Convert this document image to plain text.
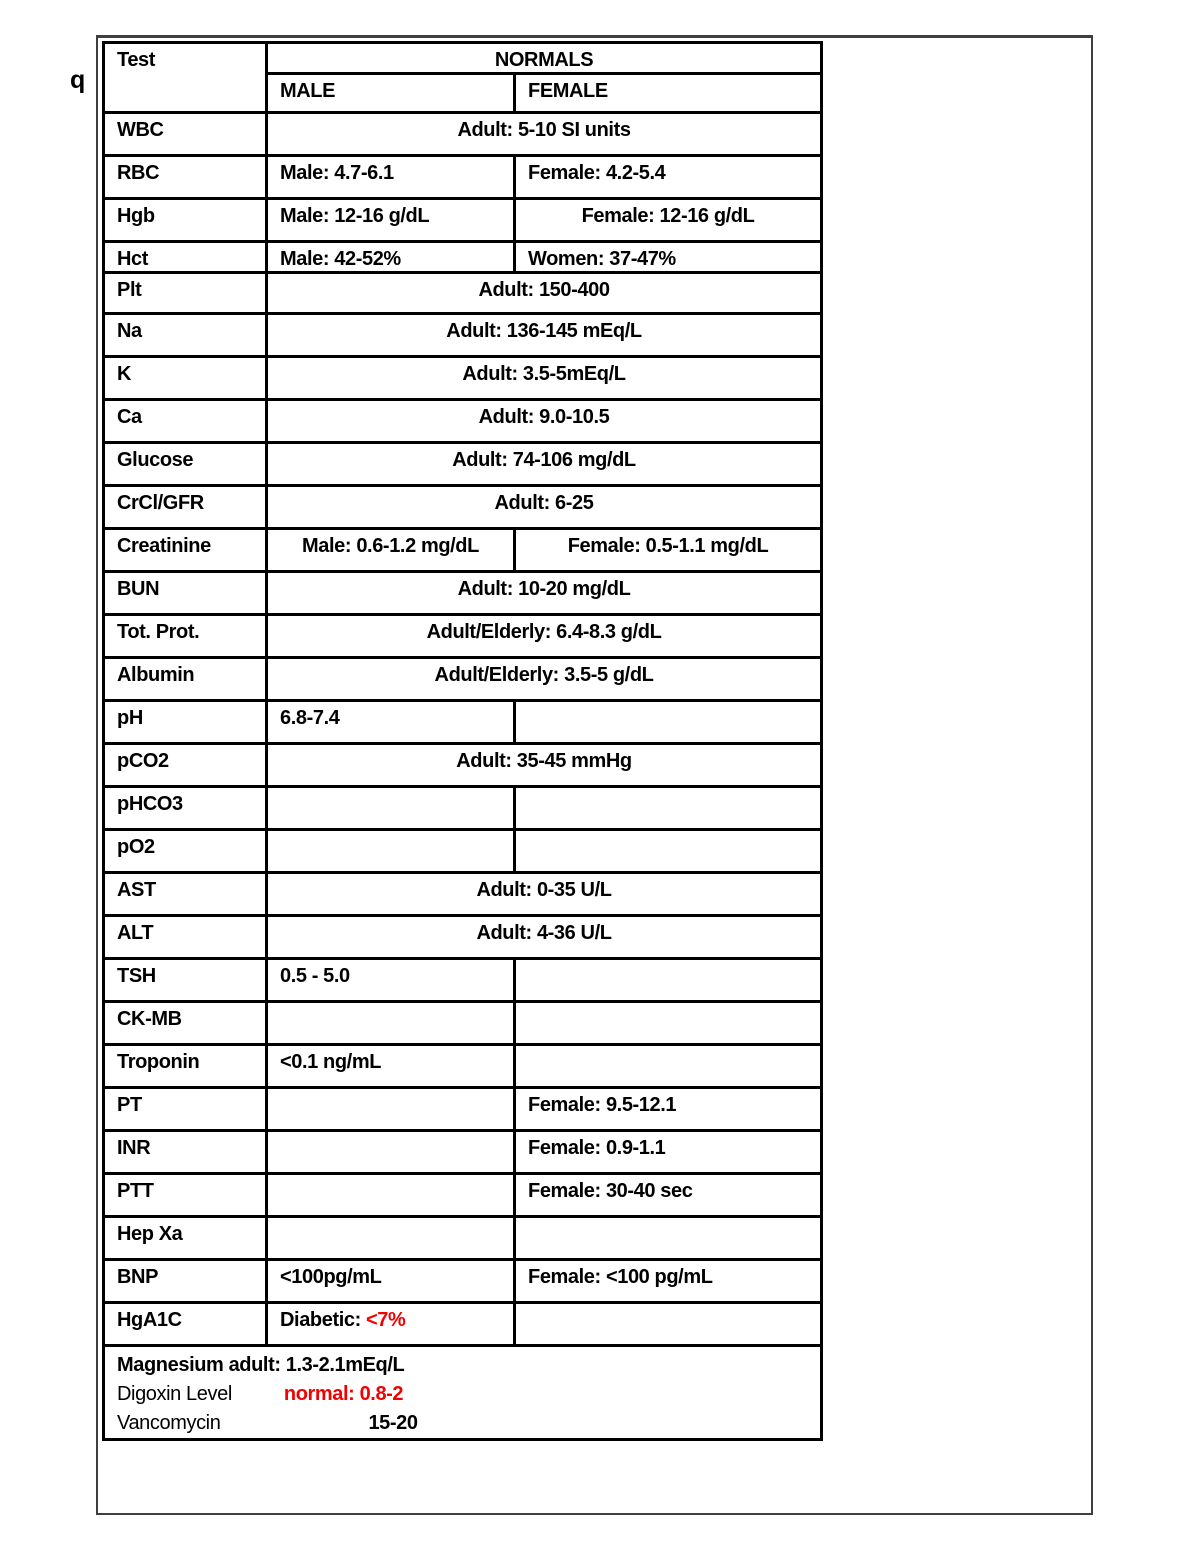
q
Test	NORMALS	
	MALE	FEMALE
WBC	Adult: 5-10 SI units	
RBC	Male: 4.7-6.1	Female: 4.2-5.4
Hgb	Male: 12-16 g/dL	Female: 12-16 g/dL
Hct	Male: 42-52%	Women: 37-47%
Plt	Adult: 150-400	
Na	Adult: 136-145 mEq/L	
K	Adult: 3.5-5mEq/L	
Ca	Adult: 9.0-10.5	
Glucose	Adult: 74-106 mg/dL	
CrCl/GFR	Adult: 6-25	
Creatinine	Male: 0.6-1.2 mg/dL	Female: 0.5-1.1 mg/dL
BUN	Adult: 10-20 mg/dL	
Tot. Prot.	Adult/Elderly: 6.4-8.3 g/dL	
Albumin	Adult/Elderly: 3.5-5 g/dL	
pH	6.8-7.4	
pCO2	Adult: 35-45 mmHg	
pHCO3		
pO2		
AST	Adult: 0-35 U/L	
ALT	Adult: 4-36 U/L	
TSH	0.5 - 5.0	
CK-MB		
Troponin	<0.1 ng/mL	
PT		Female: 9.5-12.1
INR		Female: 0.9-1.1
PTT		Female: 30-40 sec
Hep Xa		
BNP	<100pg/mL	Female: <100 pg/mL
HgA1C	Diabetic: <7%	

Magnesium adult: 1.3-2.1mEq/L
Digoxin Level normal: 0.8-2
Vancomycin 15-20		
